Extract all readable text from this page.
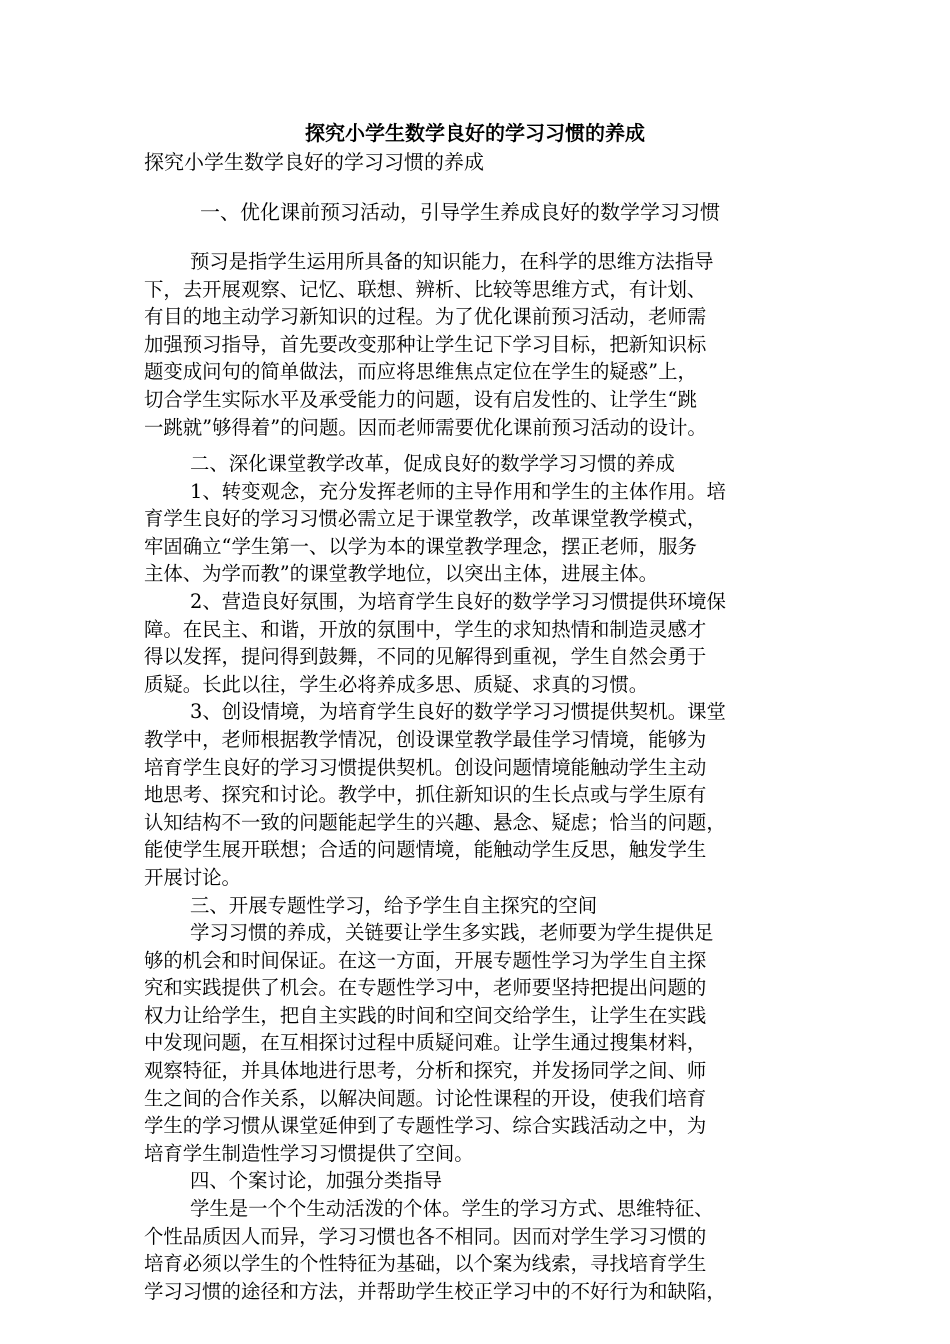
探究小学生数学良好的学习习惯的养成
探究小学生数学良好的学习习惯的养成
一、优化课前预习活动，引导学生养成良好的数学学习习惯
预习是指学生运用所具备的知识能力，在科学的思维方法指导
下，去开展观察、记忆、联想、辨析、比较等思维方式，有计划、
有目的地主动学习新知识的过程。为了优化课前预习活动，老师需
加强预习指导，首先要改变那种让学生记下学习目标，把新知识标
题变成问句的简单做法，而应将思维焦点定位在学生的疑惑”上，
切合学生实际水平及承受能力的问题，设有启发性的、让学生“跳
一跳就”够得着”的问题。因而老师需要优化课前预习活动的设计。
二、深化课堂教学改革，促成良好的数学学习习惯的养成
1、转变观念，充分发挥老师的主导作用和学生的主体作用。培
育学生良好的学习习惯必需立足于课堂教学，改革课堂教学模式，
牢固确立“学生第一、以学为本的课堂教学理念，摆正老师，服务
主体、为学而教”的课堂教学地位，以突出主体，进展主体。
2、营造良好氛围，为培育学生良好的数学学习习惯提供环境保
障。在民主、和谐，开放的氛围中，学生的求知热情和制造灵感才
得以发挥，提问得到鼓舞，不同的见解得到重视，学生自然会勇于
质疑。长此以往，学生必将养成多思、质疑、求真的习惯。
3、创设情境，为培育学生良好的数学学习习惯提供契机。课堂
教学中，老师根据教学情况，创设课堂教学最佳学习情境，能够为
培育学生良好的学习习惯提供契机。创设问题情境能触动学生主动
地思考、探究和讨论。教学中，抓住新知识的生长点或与学生原有
认知结构不一致的问题能起学生的兴趣、悬念、疑虑；恰当的问题，
能使学生展开联想；合适的问题情境，能触动学生反思，触发学生
开展讨论。
三、开展专题性学习，给予学生自主探究的空间
学习习惯的养成，关链要让学生多实践，老师要为学生提供足
够的机会和时间保证。在这一方面，开展专题性学习为学生自主探
究和实践提供了机会。在专题性学习中，老师要坚持把提出问题的
权力让给学生，把自主实践的时间和空间交给学生，让学生在实践
中发现问题，在互相探讨过程中质疑问难。让学生通过搜集材料，
观察特征，并具体地进行思考，分析和探究，并发扬同学之间、师
生之间的合作关系，以解决间题。讨论性课程的开设，使我们培育
学生的学习惯从课堂延伸到了专题性学习、综合实践活动之中，为
培育学生制造性学习习惯提供了空间。
四、个案讨论，加强分类指导
学生是一个个生动活泼的个体。学生的学习方式、思维特征、
个性品质因人而异，学习习惯也各不相同。因而对学生学习习惯的
培育必须以学生的个性特征为基础，以个案为线索，寻找培育学生
学习习惯的途径和方法，并帮助学生校正学习中的不好行为和缺陷，
